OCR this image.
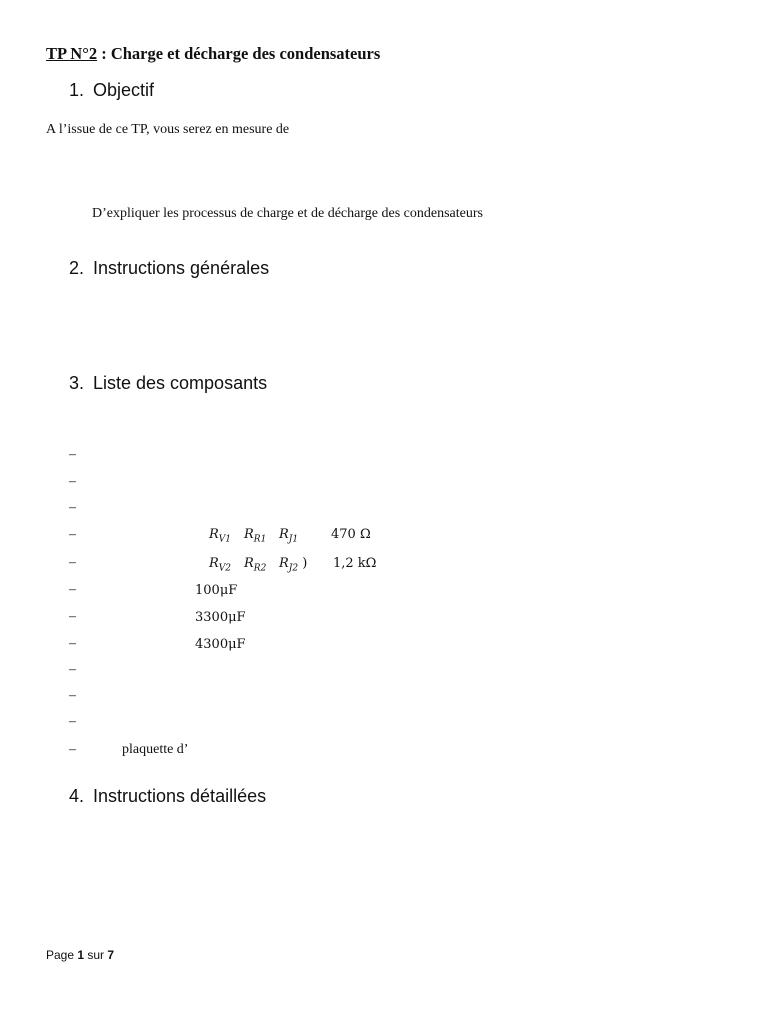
TP N°2 : Charge et décharge des condensateurs
1. Objectif
A l’issue de ce TP, vous serez en mesure de
D’expliquer les processus de charge et de décharge des condensateurs
2. Instructions générales
3. Liste des composants
–
–
–
–
–
–
–
–
–
–
–
–
$R_{V1}$ $R_{R1}$ $R_{J1}$	470 Ω
$R_{V2}$ $R_{R2}$ $R_{J2}$ ) 1,2 kΩ
100μF
3300μF
4300μF
plaquette d’
4. Instructions détaillées
Page 1 sur 7
